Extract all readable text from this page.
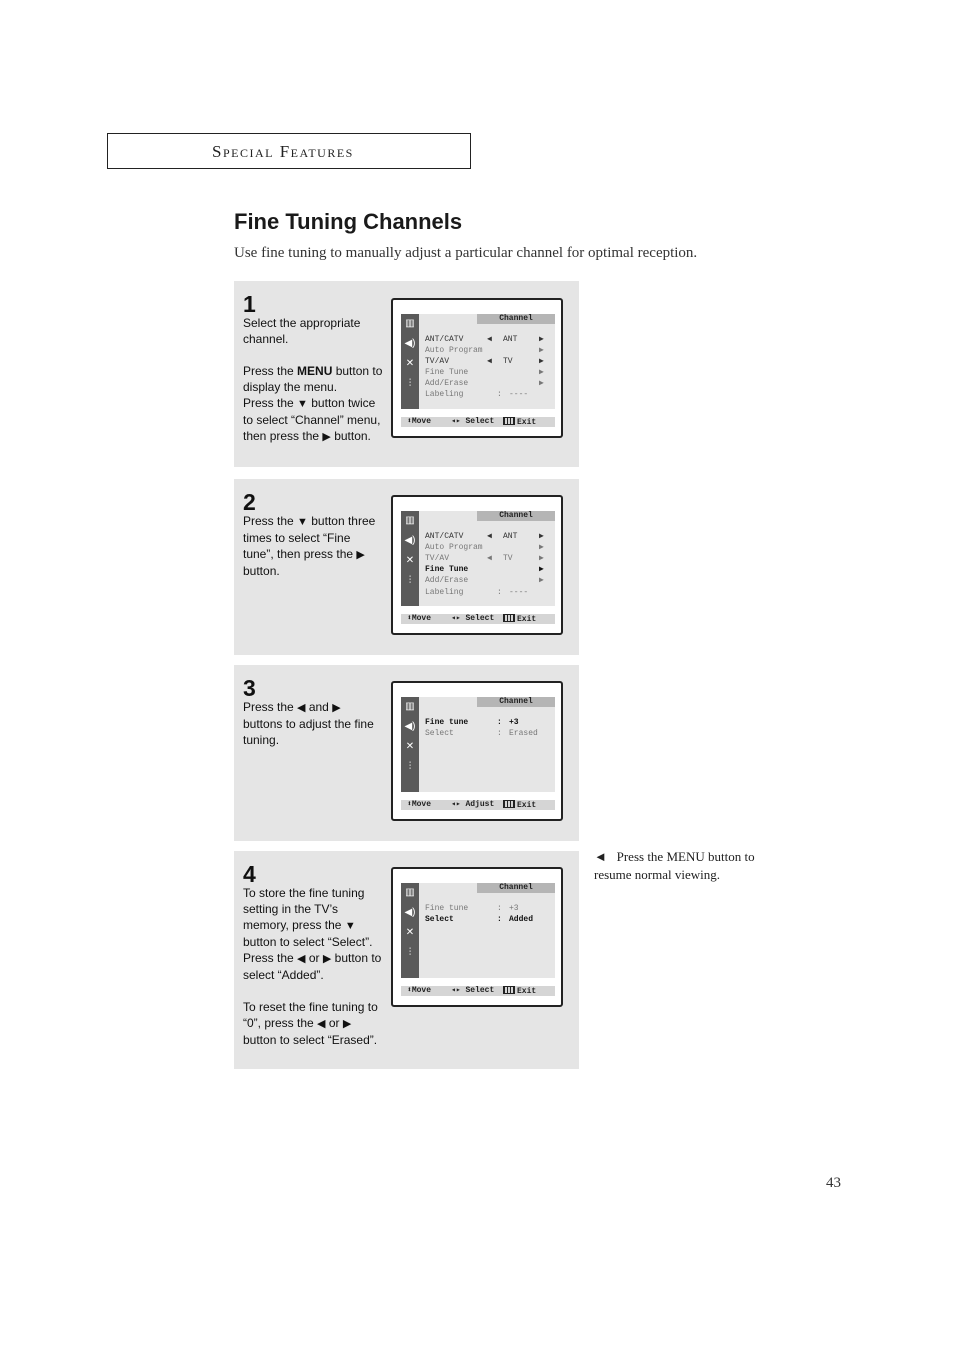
Special Features
Fine Tuning Channels
Use fine tuning to manually adjust a particular channel for optimal reception.
1

Select the appropriate channel.

Press the MENU button to display the menu.

Press the ▼ button twice to select “Channel” menu, then press the ▶ button.

▥
◀)
✕
⫶
Channel
ANT/CATV	◀ ANT	▶
Auto Program	▶
TV/AV	◀ TV	▶
Fine Tune	▶
Add/Erase	▶
Labeling	: ----
⬍Move ◂▸ Select	Exit
2

Press the ▼ button three times to select “Fine tune”, then press the ▶ button.

▥
◀)
✕
⫶
Channel
ANT/CATV	◀ ANT	▶
Auto Program	▶
TV/AV	◀ TV	▶
Fine Tune	▶
Add/Erase	▶
Labeling	: ----
⬍Move ◂▸ Select	Exit
3

Press the ◀ and ▶ buttons to adjust the fine tuning.

▥
◀)
✕
⫶
Channel
Fine tune	: +3
Select	: Erased
⬍Move ◂▸ Adjust	Exit
4

To store the fine tuning setting in the TV’s memory, press the ▼ button to select “Select”.

Press the ◀ or ▶ button to select “Added”.

To reset the fine tuning to “0”, press the ◀ or ▶ button to select “Erased”.

▥
◀)
✕
⫶
Channel
Fine tune	: +3
Select	: Added
⬍Move ◂▸ Select	Exit
◄ Press the MENU button to resume normal viewing.
43
